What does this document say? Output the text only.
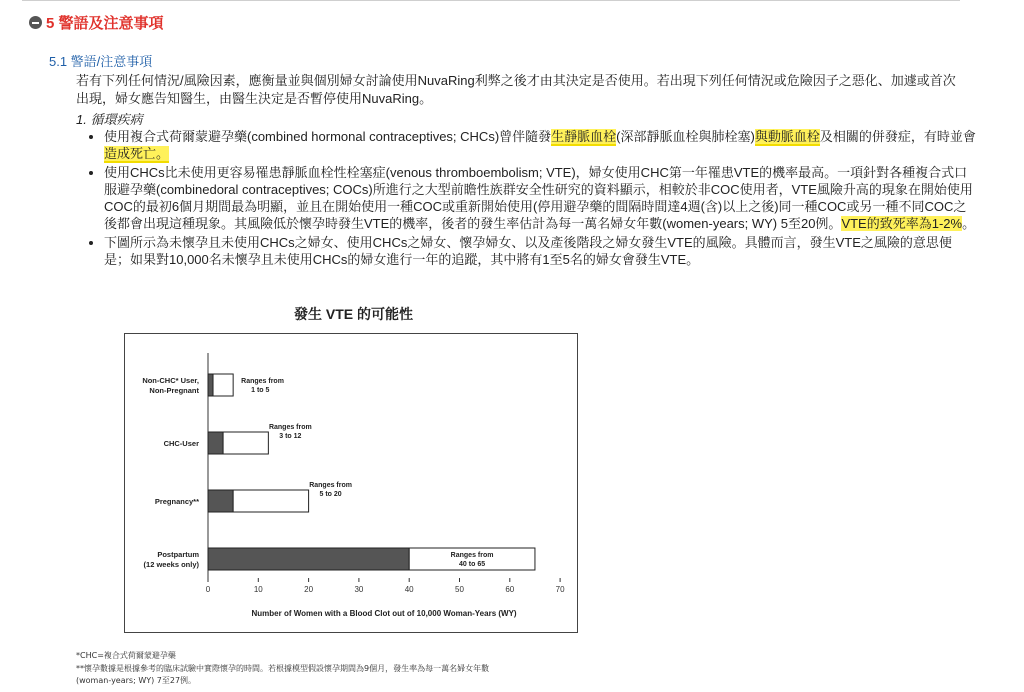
5 警語及注意事項
5.1 警語/注意事項
若有下列任何情況/風險因素，應衡量並與個別婦女討論使用NuvaRing利弊之後才由其決定是否使用。若出現下列任何情況或危險因子之惡化、加遽或首次出現，婦女應告知醫生，由醫生決定是否暫停使用NuvaRing。
1. 循環疾病
• 使用複合式荷爾蒙避孕藥(combined hormonal contraceptives; CHCs)曾伴隨發生靜脈血栓(深部靜脈血栓與肺栓塞)與動脈血栓及相關的併發症，有時並會造成死亡。
• 使用CHCs比未使用更容易罹患靜脈血栓性栓塞症(venous thromboembolism; VTE)，婦女使用CHC第一年罹患VTE的機率最高。一項針對各種複合式口服避孕藥(combinedoral contraceptives; COCs)所進行之大型前瞻性族群安全性研究的資料顯示，相較於非COC使用者，VTE風險升高的現象在開始使用COC的最初6個月期間最為明顯，並且在開始使用一種COC或重新開始使用(停用避孕藥的間隔時間達4週(含)以上之後)同一種COC或另一種不同COC之後都會出現這種現象。其風險低於懷孕時發生VTE的機率，後者的發生率估計為每一萬名婦女年數(women-years; WY) 5至20例。VTE的致死率為1-2%。
• 下圖所示為未懷孕且未使用CHCs之婦女、使用CHCs之婦女、懷孕婦女、以及產後階段之婦女發生VTE的風險。具體而言，發生VTE之風險的意思便是；如果對10,000名未懷孕且未使用CHCs的婦女進行一年的追蹤，其中將有1至5名的婦女會發生VTE。
發生 VTE 的可能性
0	10	20	30	40	50	60	70
Number of Women with a Blood Clot out of 10,000 Woman-Years (WY)
Non-CHC* User,
Non-Pregnant
Ranges from
1 to 5
CHC-User
Ranges from
3 to 12
Pregnancy**
Ranges from
5 to 20
Postpartum
(12 weeks only)
Ranges from
40 to 65
*CHC=複合式荷爾蒙避孕藥
**懷孕數據是根據參考的臨床試驗中實際懷孕的時間。若根據模型假設懷孕期間為9個月，發生率為每一萬名婦女年數
(woman-years; WY) 7至27例。
